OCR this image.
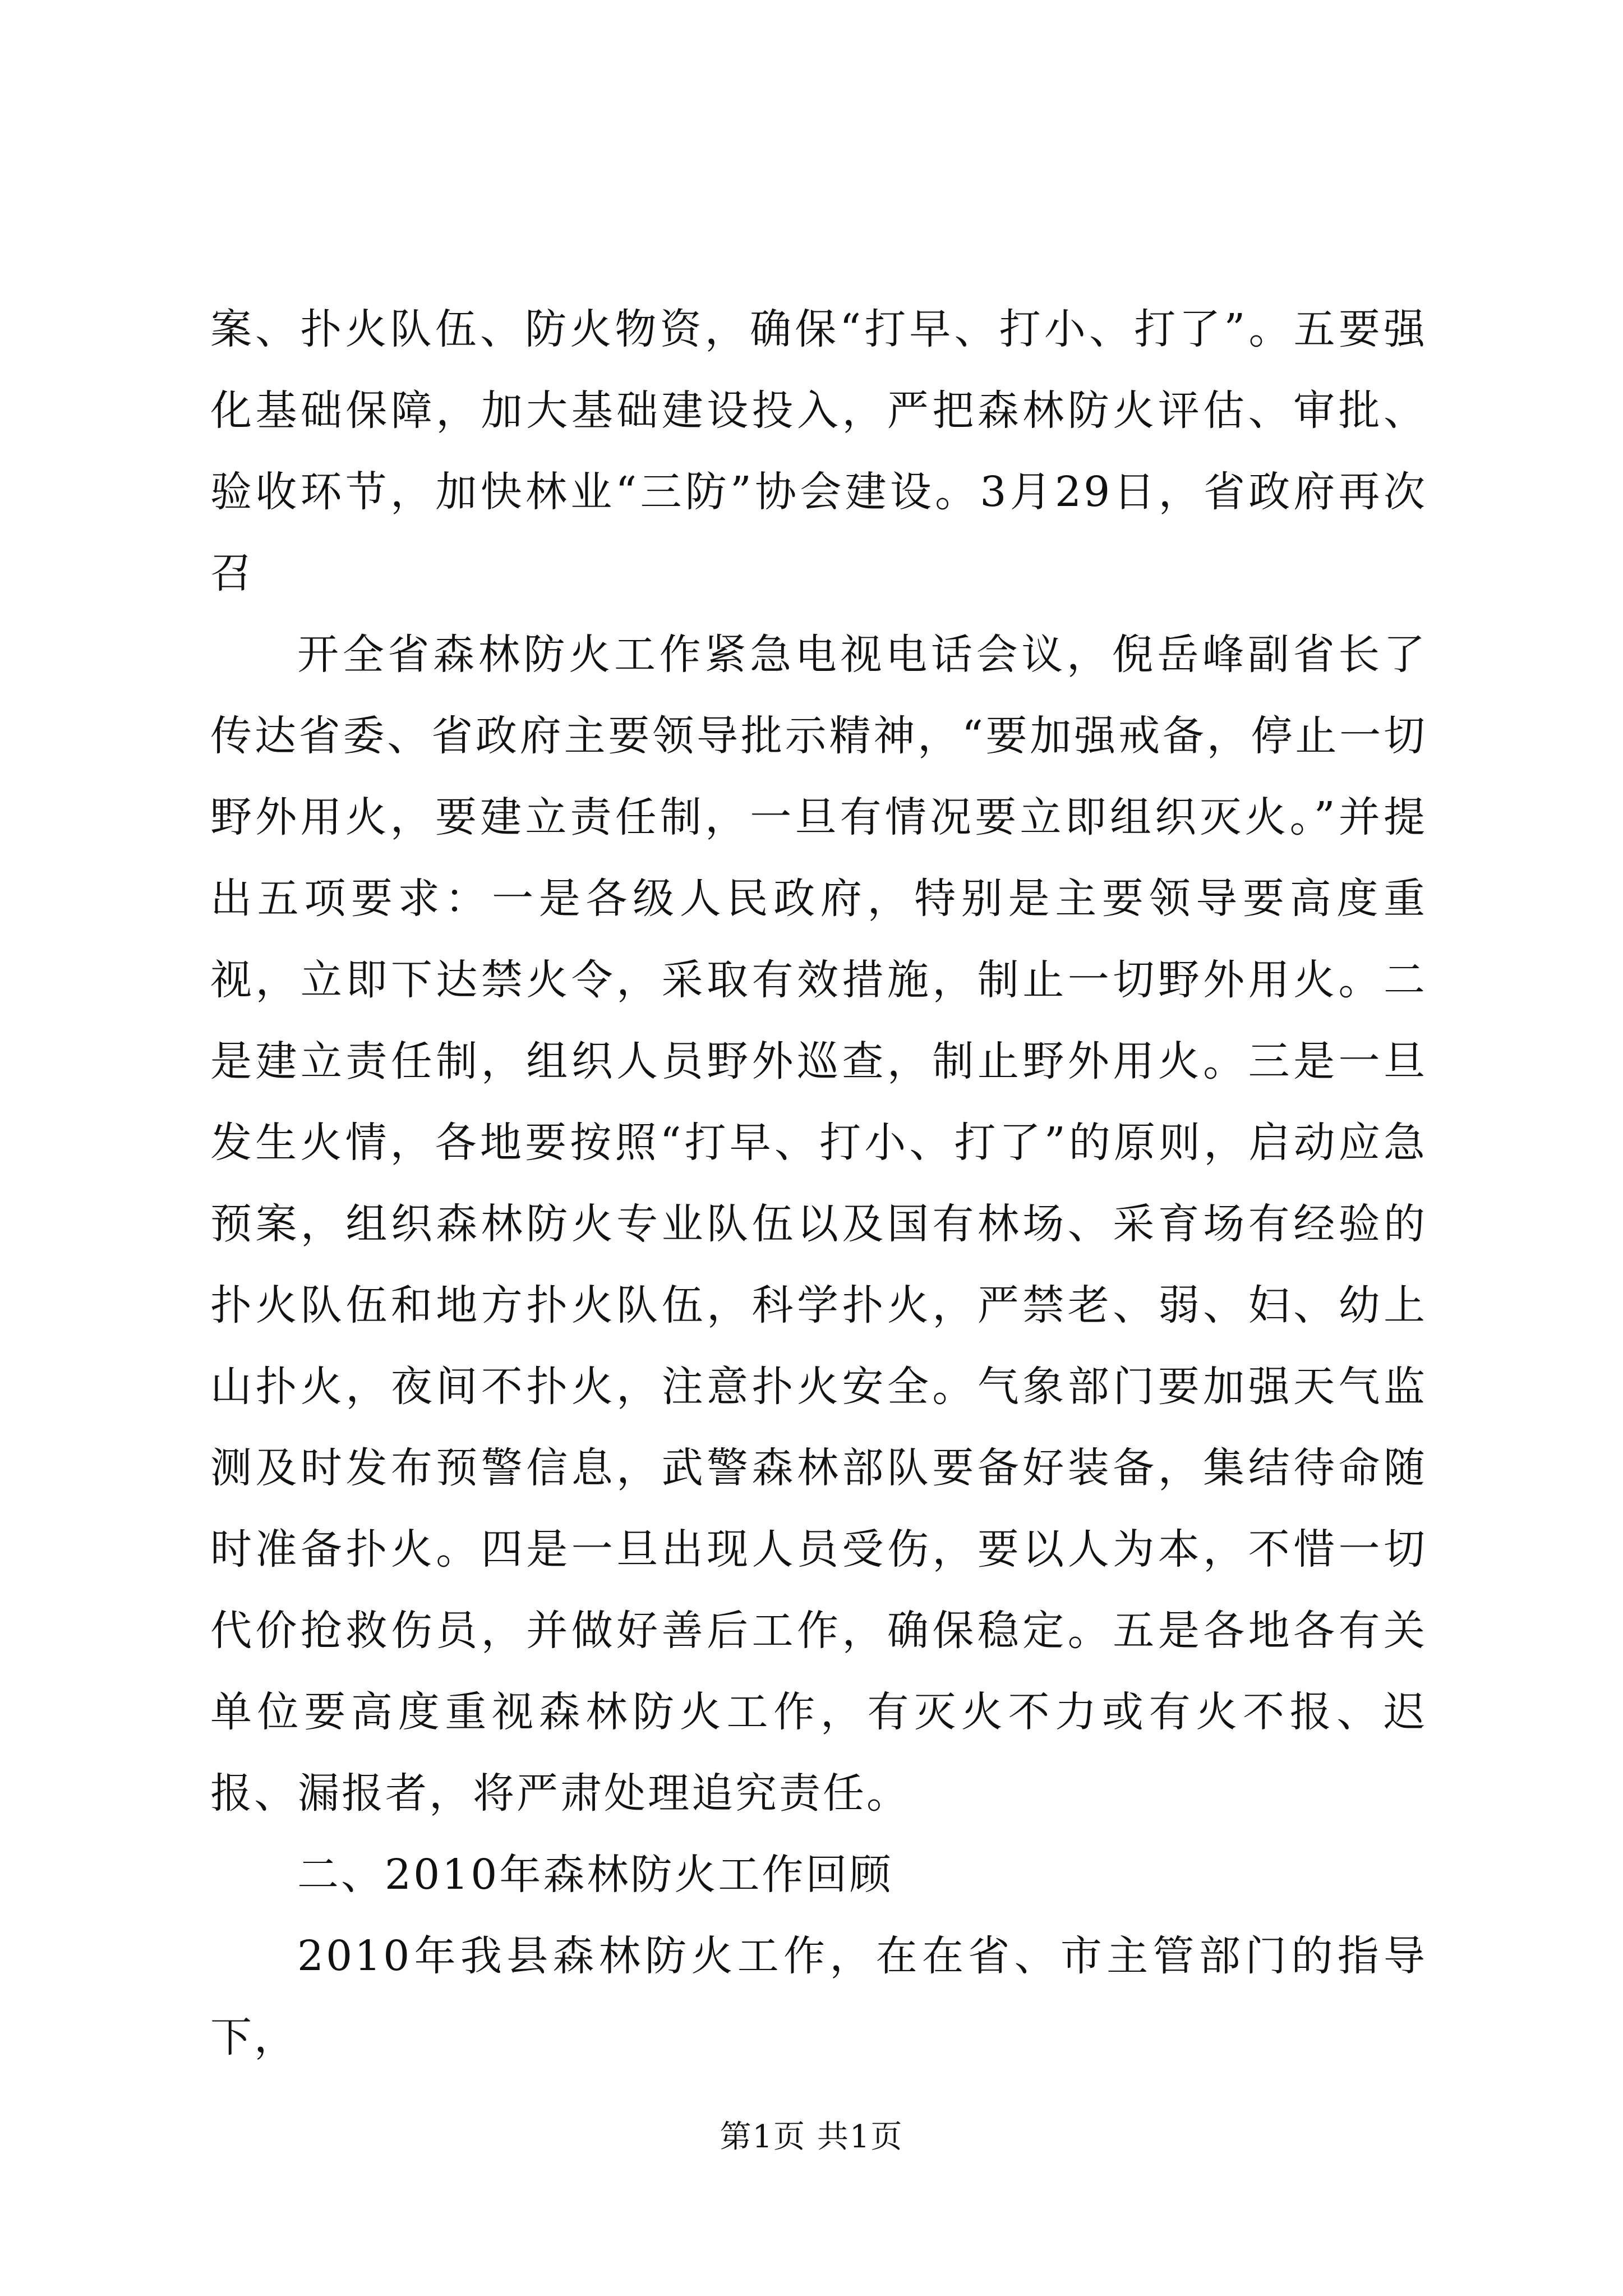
案、扑火队伍、防火物资，确保“打早、打小、打了”。五要强化基础保障，加大基础建设投入，严把森林防火评估、审批、验收环节，加快林业“三防”协会建设。3月29日，省政府再次召

开全省森林防火工作紧急电视电话会议，倪岳峰副省长了传达省委、省政府主要领导批示精神，“要加强戒备，停止一切野外用火，要建立责任制，一旦有情况要立即组织灭火。”并提出五项要求：一是各级人民政府，特别是主要领导要高度重视，立即下达禁火令，采取有效措施，制止一切野外用火。二是建立责任制，组织人员野外巡查，制止野外用火。三是一旦发生火情，各地要按照“打早、打小、打了”的原则，启动应急预案，组织森林防火专业队伍以及国有林场、采育场有经验的扑火队伍和地方扑火队伍，科学扑火，严禁老、弱、妇、幼上山扑火，夜间不扑火，注意扑火安全。气象部门要加强天气监测及时发布预警信息，武警森林部队要备好装备，集结待命随时准备扑火。四是一旦出现人员受伤，要以人为本，不惜一切代价抢救伤员，并做好善后工作，确保稳定。五是各地各有关单位要高度重视森林防火工作，有灭火不力或有火不报、迟报、漏报者，将严肃处理追究责任。

二、2010年森林防火工作回顾

2010年我县森林防火工作，在在省、市主管部门的指导下，

第1页 共1页
